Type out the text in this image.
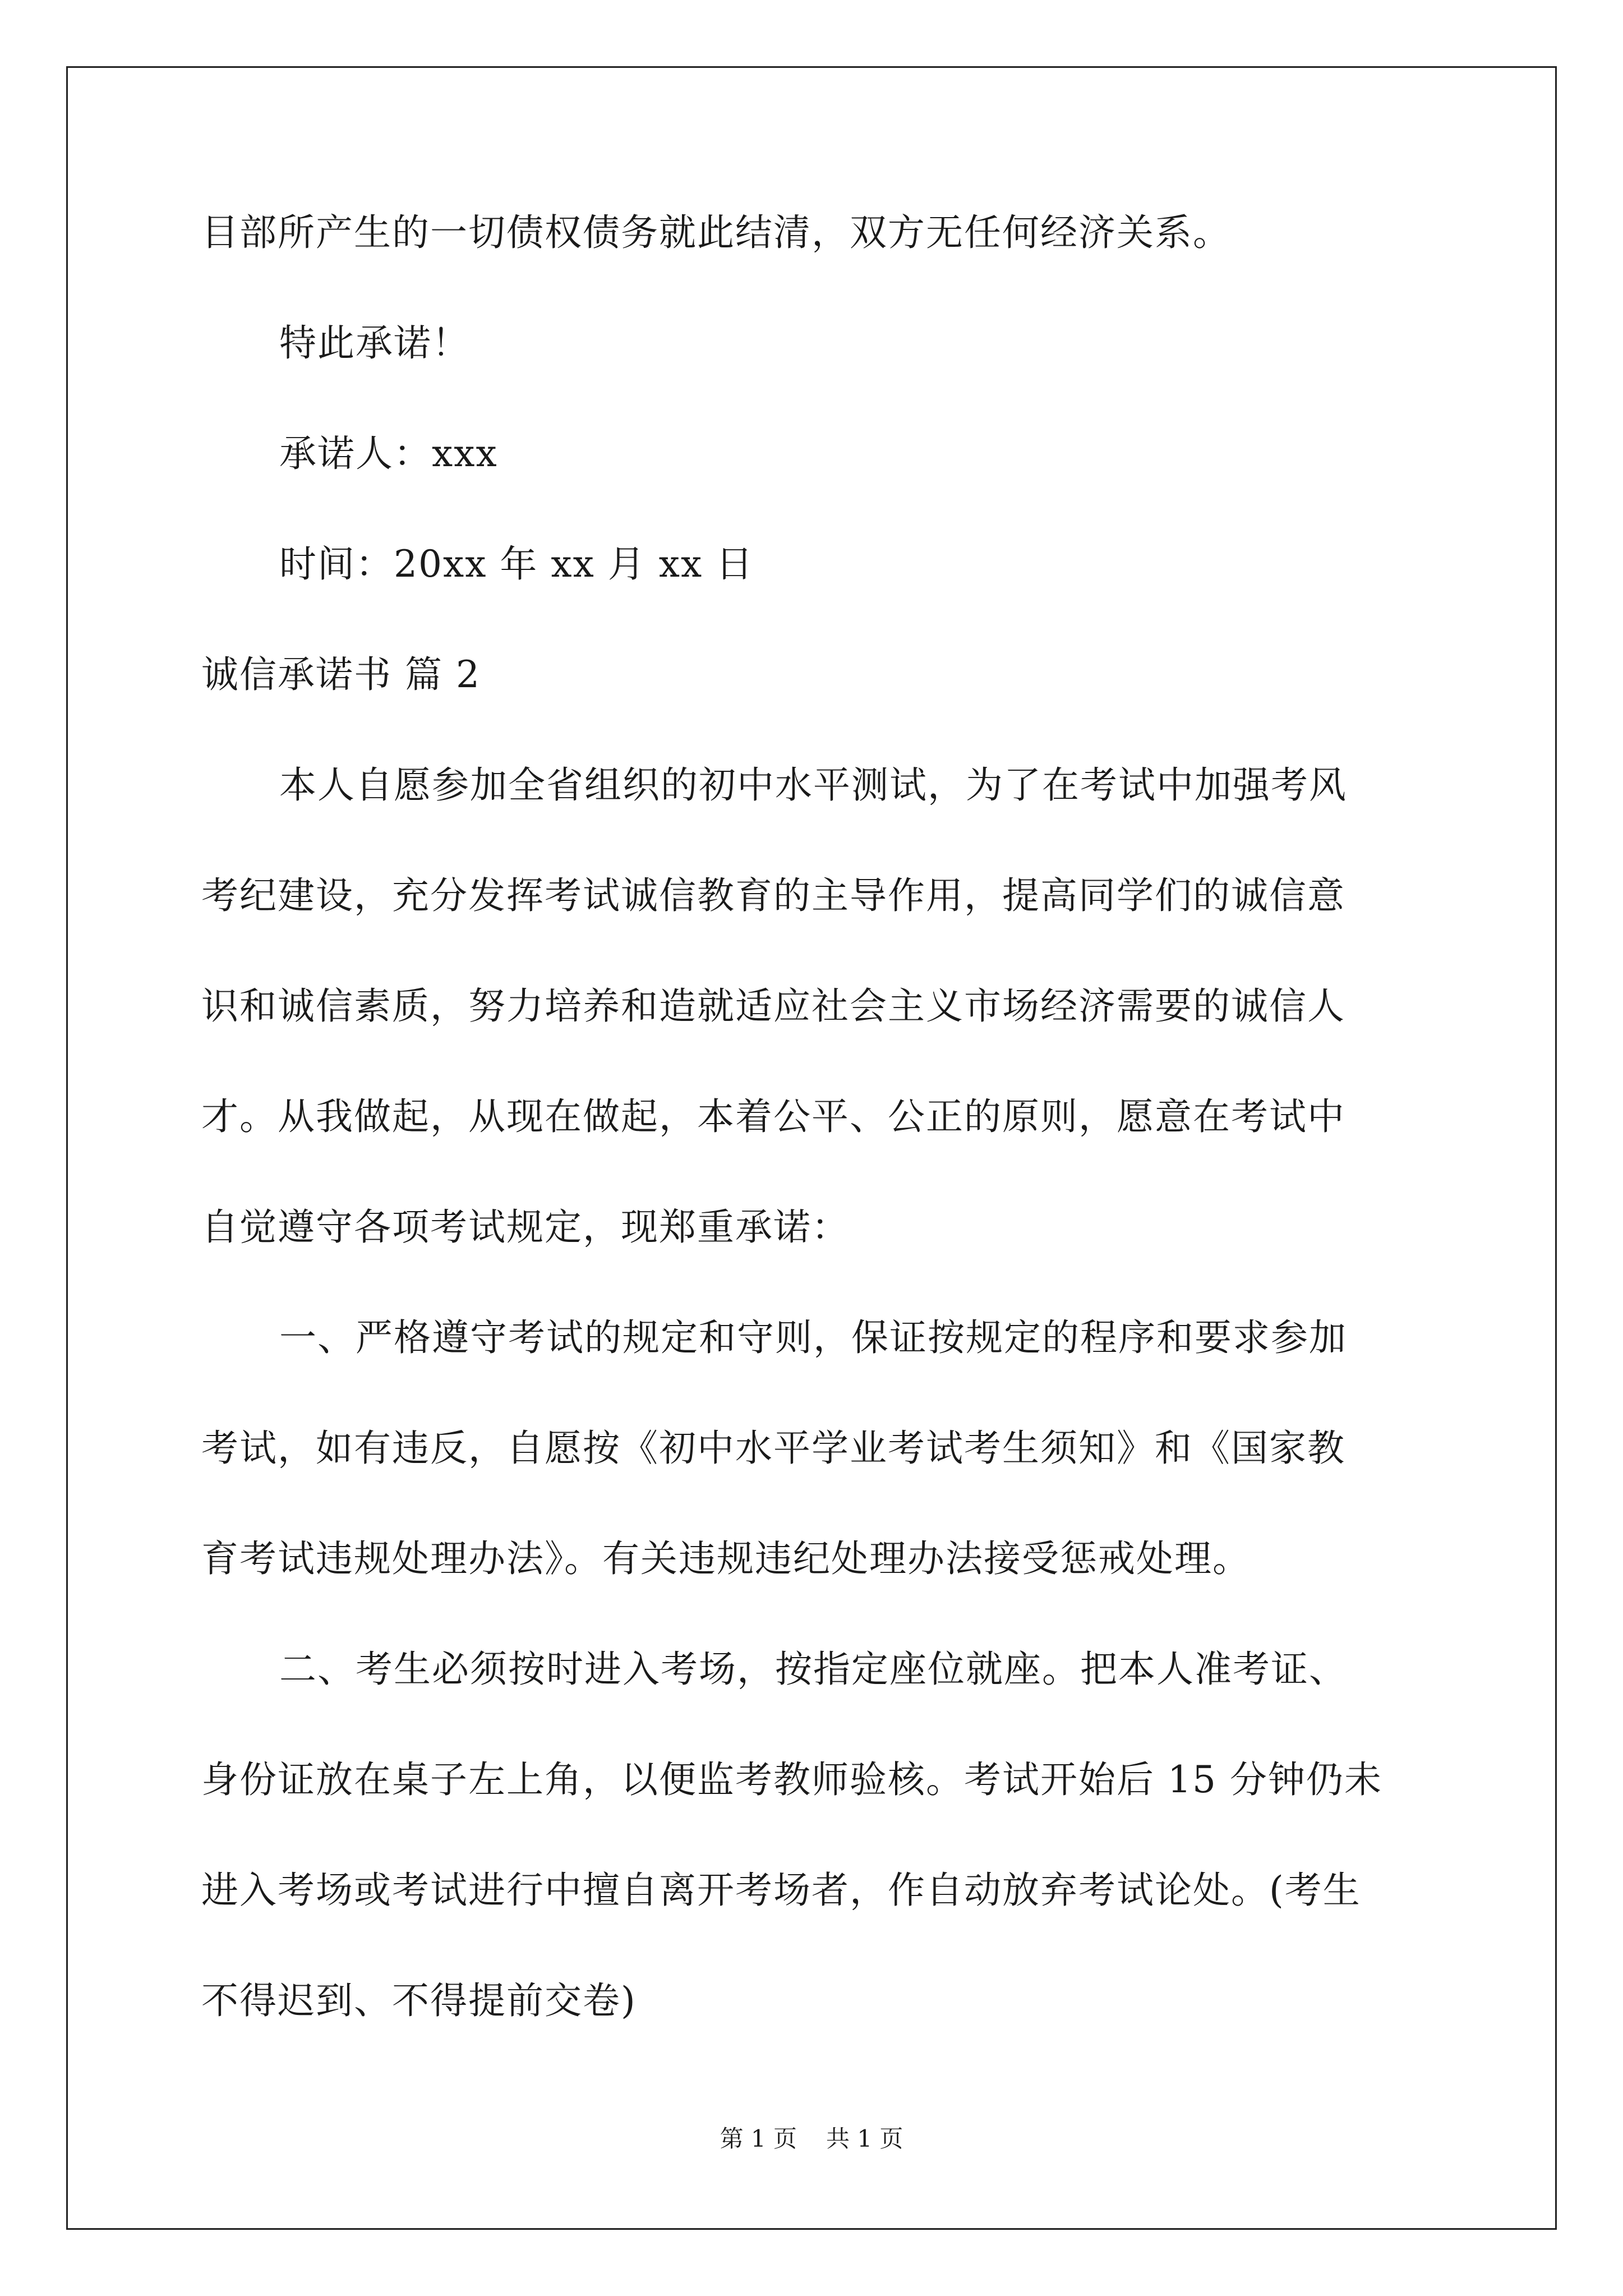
目部所产生的一切债权债务就此结清，双方无任何经济关系。

特此承诺！

承诺人：xxx

时间：20xx 年 xx 月 xx 日

诚信承诺书 篇 2

本人自愿参加全省组织的初中水平测试，为了在考试中加强考风

考纪建设，充分发挥考试诚信教育的主导作用，提高同学们的诚信意

识和诚信素质，努力培养和造就适应社会主义市场经济需要的诚信人

才。从我做起，从现在做起，本着公平、公正的原则，愿意在考试中

自觉遵守各项考试规定，现郑重承诺：

一、严格遵守考试的规定和守则，保证按规定的程序和要求参加

考试，如有违反，自愿按《初中水平学业考试考生须知》和《国家教

育考试违规处理办法》。有关违规违纪处理办法接受惩戒处理。

二、考生必须按时进入考场，按指定座位就座。把本人准考证、

身份证放在桌子左上角，以便监考教师验核。考试开始后 15 分钟仍未

进入考场或考试进行中擅自离开考场者，作自动放弃考试论处。(考生

不得迟到、不得提前交卷)

第 1 页 共 1 页
